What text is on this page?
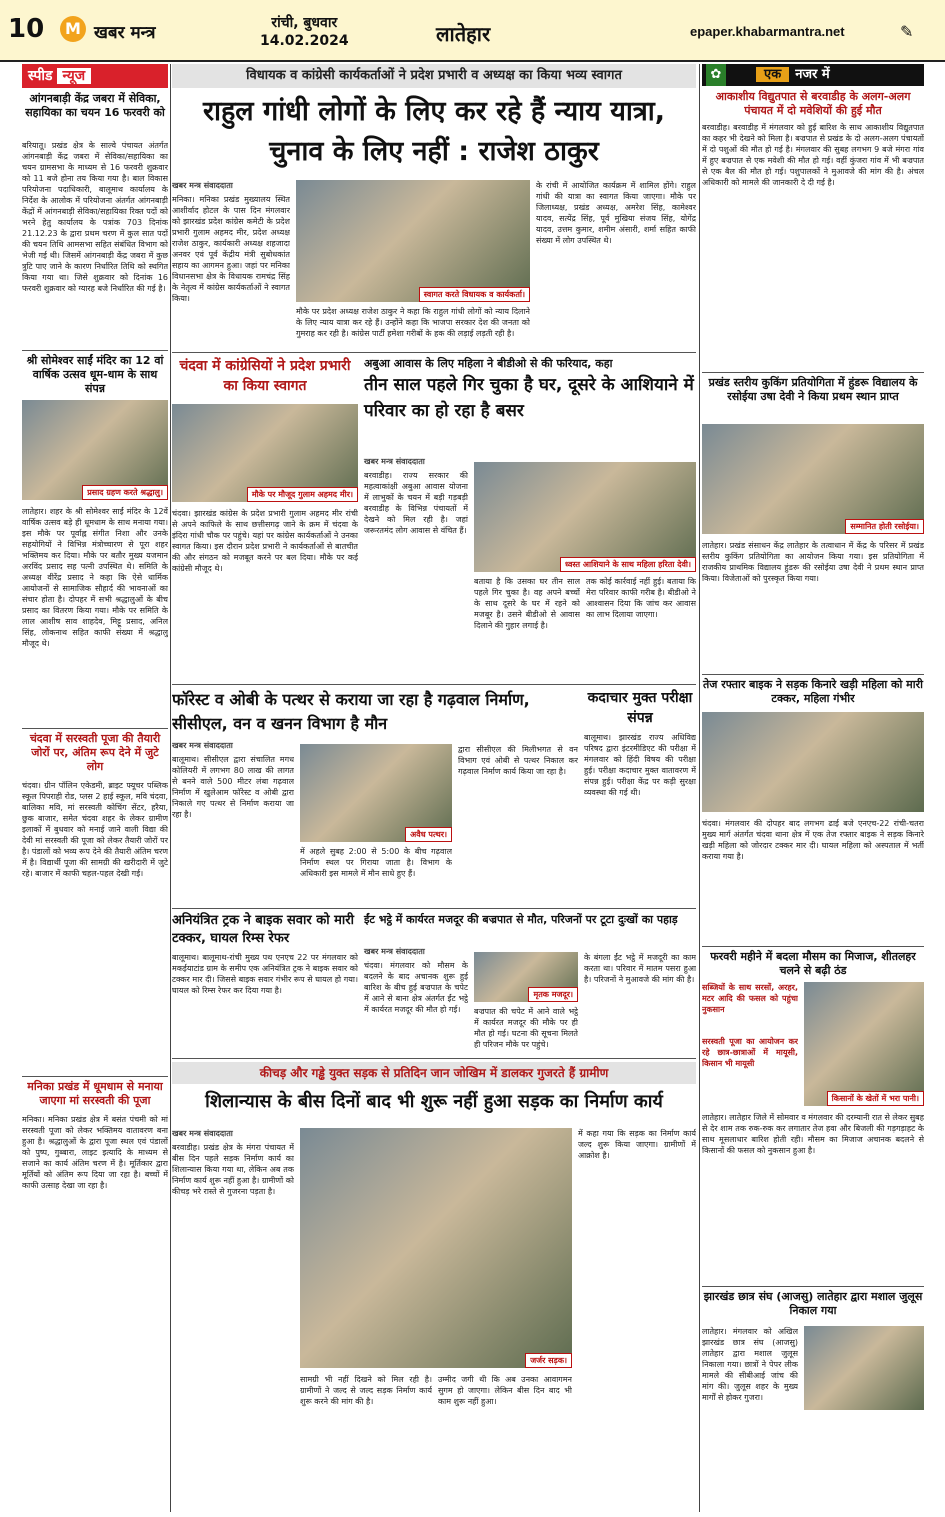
10	M खबर मन्त्र	रांची, बुधवार
14.02.2024	लातेहार	epaper.khabarmantra.net	✎
स्पीड न्यूज
आंगनबाड़ी केंद्र जबरा में सेविका, सहायिका का चयन 16 फरवरी को
बरियातू। प्रखंड क्षेत्र के साल्वे पंचायत अंतर्गत आंगनबाड़ी केंद्र जबरा में सेविका/सहायिका का चयन ग्रामसभा के माध्यम से 16 फरवरी शुक्रवार को 11 बजे होना तय किया गया है। बाल विकास परियोजना पदाधिकारी, बालूमाथ कार्यालय के निर्देश के आलोक में परियोजना अंतर्गत आंगनबाड़ी केंद्रों में आंगनबाड़ी सेविका/सहायिका रिक्त पदों को भरने हेतु कार्यालय के पत्रांक 703 दिनांक 21.12.23 के द्वारा प्रथम चरण में कुल सात पदों की चयन तिथि आमसभा सहित संबंधित विभाग को भेजी गई थी। जिसमें आंगनबाड़ी केंद्र जबरा में कुछ त्रुटि पाए जाने के कारण निर्धारित तिथि को स्थगित किया गया था। जिसे शुक्रवार को दिनांक 16 फरवरी शुक्रवार को ग्यारह बजे निर्धारित की गई है।
श्री सोमेश्वर साईं मंदिर का 12 वां वार्षिक उत्सव धूम-धाम के साथ संपन्न
प्रसाद ग्रहण करते श्रद्धालु।
लातेहार। शहर के श्री सोमेश्वर साईं मंदिर के 12वें वार्षिक उत्सव बड़े ही धूमधाम के साथ मनाया गया। इस मौके पर पूर्वाह्न संगीत निशा और उनके सहयोगियों ने विभिन्न मंत्रोच्चारण से पूरा शहर भक्तिमय कर दिया। मौके पर बतौर मुख्य यजमान अरविंद प्रसाद सह पत्नी उपस्थित थे। समिति के अध्यक्ष वीरेंद्र प्रसाद ने कहा कि ऐसे धार्मिक आयोजनों से सामाजिक सौहार्द की भावनाओं का संचार होता है। दोपहर में सभी श्रद्धालुओं के बीच प्रसाद का वितरण किया गया। मौके पर समिति के लाल आशीष साव शाहदेव, मिट्टू प्रसाद, अनिल सिंह, लोकनाथ सहित काफी संख्या में श्रद्धालु मौजूद थे।
चंदवा में सरस्वती पूजा की तैयारी जोरों पर, अंतिम रूप देने में जुटे लोग
चंदवा। ग्रीन पॉलिन एकेडमी, ब्राइट फ्यूचर पब्लिक स्कूल पिपराही रोड, प्लस 2 हाई स्कूल, मवि चंदवा, बालिका मवि, मां सरस्वती कोचिंग सेंटर, हरैया, छुक बाजार, समेत चंदवा शहर के लेकर ग्रामीण इलाकों में बुधवार को मनाई जाने वाली विद्या की देवी मां सरस्वती की पूजा को लेकर तैयारी जोरों पर है। पंडालों को भव्य रूप देने की तैयारी अंतिम चरण में है। विद्यार्थी पूजा की सामग्री की खरीदारी में जुटे रहे। बाजार में काफी चहल-पहल देखी गई।
मनिका प्रखंड में धूमधाम से मनाया जाएगा मां सरस्वती की पूजा
मनिका। मनिका प्रखंड क्षेत्र में बसंत पंचमी को मां सरस्वती पूजा को लेकर भक्तिमय वातावरण बना हुआ है। श्रद्धालुओं के द्वारा पूजा स्थल एवं पंडालों को पुष्प, गुब्बारा, लाइट इत्यादि के माध्यम से सजाने का कार्य अंतिम चरण में है। मूर्तिकार द्वारा मूर्तियों को अंतिम रूप दिया जा रहा है। बच्चों में काफी उत्साह देखा जा रहा है।
विधायक व कांग्रेसी कार्यकर्ताओं ने प्रदेश प्रभारी व अध्यक्ष का किया भव्य स्वागत
राहुल गांधी लोगों के लिए कर रहे हैं न्याय यात्रा, चुनाव के लिए नहीं : राजेश ठाकुर
खबर मन्त्र संवाददाता
मनिका। मनिका प्रखंड मुख्यालय स्थित आशीर्वाद होटल के पास दिन मंगलवार को झारखंड प्रदेश कांग्रेस कमेटी के प्रदेश प्रभारी गुलाम अहमद मीर, प्रदेश अध्यक्ष राजेश ठाकुर, कार्यकारी अध्यक्ष शहजादा अनवर एवं पूर्व केंद्रीय मंत्री सुबोधकांत सहाय का आगमन हुआ। जहां पर मनिका विधानसभा क्षेत्र के विधायक रामचंद्र सिंह के नेतृत्व में कांग्रेस कार्यकर्ताओं ने स्वागत किया।	स्वागत करते विधायक व कार्यकर्ता।
मौके पर प्रदेश अध्यक्ष राजेश ठाकुर ने कहा कि राहुल गांधी लोगों को न्याय दिलाने के लिए न्याय यात्रा कर रहे हैं। उन्होंने कहा कि भाजपा सरकार देश की जनता को गुमराह कर रही है। कांग्रेस पार्टी हमेशा गरीबों के हक की लड़ाई लड़ती रही है।
के रांची में आयोजित कार्यक्रम में शामिल होंगे। राहुल गांधी की यात्रा का स्वागत किया जाएगा। मौके पर जिलाध्यक्ष, प्रखंड अध्यक्ष, अमरेश सिंह, कामेश्वर यादव, सत्येंद्र सिंह, पूर्व मुखिया संजय सिंह, योगेंद्र यादव, उत्तम कुमार, शमीम अंसारी, शर्मा सहित काफी संख्या में लोग उपस्थित थे।
चंदवा में कांग्रेसियों ने प्रदेश प्रभारी का किया स्वागत
मौके पर मौजूद गुलाम अहमद मीर।
चंदवा। झारखंड कांग्रेस के प्रदेश प्रभारी गुलाम अहमद मीर रांची से अपने काफिले के साथ छत्तीसगढ़ जाने के क्रम में चंदवा के इंदिरा गांधी चौक पर पहुंचे। यहां पर कांग्रेस कार्यकर्ताओं ने उनका स्वागत किया। इस दौरान प्रदेश प्रभारी ने कार्यकर्ताओं से बातचीत की और संगठन को मजबूत करने पर बल दिया। मौके पर कई कांग्रेसी मौजूद थे।
अबुआ आवास के लिए महिला ने बीडीओ से की फरियाद, कहा
तीन साल पहले गिर चुका है घर, दूसरे के आशियाने में परिवार का हो रहा है बसर
खबर मन्त्र संवाददाता
बरवाडीह। राज्य सरकार की महत्वाकांक्षी अबुआ आवास योजना में लाभुकों के चयन में बड़ी गड़बड़ी बरवाडीह के विभिन्न पंचायतों में देखने को मिल रही है। जहां जरूरतमंद लोग आवास से वंचित हैं।
ध्वस्त आशियाने के साथ महिला हरिता देवी।
बताया है कि उसका घर तीन साल पहले गिर चुका है। वह अपने बच्चों के साथ दूसरे के घर में रहने को मजबूर है। उसने बीडीओ से आवास दिलाने की गुहार लगाई है।
तक कोई कार्रवाई नहीं हुई। बताया कि मेरा परिवार काफी गरीब है। बीडीओ ने आश्वासन दिया कि जांच कर आवास का लाभ दिलाया जाएगा।
फॉरेस्ट व ओबी के पत्थर से कराया जा रहा है गढ़वाल निर्माण, सीसीएल, वन व खनन विभाग है मौन
खबर मन्त्र संवाददाता
बालूमाथ। सीसीएल द्वारा संचालित मगध कोलियरी में लगभग 80 लाख की लागत से बनने वाले 500 मीटर लंबा गढ़वाल निर्माण में खुलेआम फॉरेस्ट व ओबी द्वारा निकाले गए पत्थर से निर्माण कराया जा रहा है।
अवैध पत्थर।
में अहले सुबह 2:00 से 5:00 के बीच गढ़वाल निर्माण स्थल पर गिराया जाता है। विभाग के अधिकारी इस मामले में मौन साधे हुए हैं।
द्वारा सीसीएल की मिलीभगत से वन विभाग एवं ओबी से पत्थर निकाल कर गढ़वाल निर्माण कार्य किया जा रहा है।
कदाचार मुक्त परीक्षा संपन्न
बालूमाथ। झारखंड राज्य अधिविद्य परिषद द्वारा इंटरमीडिएट की परीक्षा में मंगलवार को हिंदी विषय की परीक्षा हुई। परीक्षा कदाचार मुक्त वातावरण में संपन्न हुई। परीक्षा केंद्र पर कड़ी सुरक्षा व्यवस्था की गई थी।
अनियंत्रित ट्रक ने बाइक सवार को मारी टक्कर, घायल रिम्स रेफर
बालूमाथ। बालूमाथ-रांची मुख्य पथ एनएच 22 पर मंगलवार को मकईयाटांड ग्राम के समीप एक अनियंत्रित ट्रक ने बाइक सवार को टक्कर मार दी। जिससे बाइक सवार गंभीर रूप से घायल हो गया। घायल को रिम्स रेफर कर दिया गया है।
ईंट भट्ठे में कार्यरत मजदूर की बज्रपात से मौत, परिजनों पर टूटा दुःखों का पहाड़
खबर मन्त्र संवाददाता
चंदवा। मंगलवार को मौसम के बदलने के बाद अचानक शुरू हुई बारिश के बीच हुई बज्रपात के चपेट में आने से बाना क्षेत्र अंतर्गत ईंट भट्ठे में कार्यरत मजदूर की मौत हो गई।
मृतक मजदूर।
बज्रपात की चपेट में आने वाले भट्ठे में कार्यरत मजदूर की मौके पर ही मौत हो गई। घटना की सूचना मिलते ही परिजन मौके पर पहुंचे।
के बंगला ईंट भट्ठे में मजदूरी का काम करता था। परिवार में मातम पसरा हुआ है। परिजनों ने मुआवजे की मांग की है।
कीचड़ और गड्ढे युक्त सड़क से प्रतिदिन जान जोखिम में डालकर गुजरते हैं ग्रामीण
शिलान्यास के बीस दिनों बाद भी शुरू नहीं हुआ सड़क का निर्माण कार्य
खबर मन्त्र संवाददाता
बरवाडीह। प्रखंड क्षेत्र के मंगरा पंचायत में बीस दिन पहले सड़क निर्माण कार्य का शिलान्यास किया गया था, लेकिन अब तक निर्माण कार्य शुरू नहीं हुआ है। ग्रामीणों को कीचड़ भरे रास्ते से गुजरना पड़ता है।
जर्जर सड़क।
सामग्री भी नहीं दिखने को मिल रही है। ग्रामीणों ने जल्द से जल्द सड़क निर्माण कार्य शुरू करने की मांग की है।
उम्मीद जगी थी कि अब उनका आवागमन सुगम हो जाएगा। लेकिन बीस दिन बाद भी काम शुरू नहीं हुआ।
में कहा गया कि सड़क का निर्माण कार्य जल्द शुरू किया जाएगा। ग्रामीणों में आक्रोश है।
✿	एक नजर में
आकाशीय विद्युतपात से बरवाडीह के अलग-अलग पंचायत में दो मवेशियों की हुई मौत
बरवाडीह। बरवाडीह में मंगलवार को हुई बारिश के साथ आकाशीय विद्युतपात का कहर भी देखने को मिला है। बज्रपात से प्रखंड के दो अलग-अलग पंचायतों में दो पशुओं की मौत हो गई है। मंगलवार की सुबह लगभग 9 बजे मंगरा गांव में हुए बज्रपात से एक मवेशी की मौत हो गई। वहीं कुंजरा गांव में भी बज्रपात से एक बैल की मौत हो गई। पशुपालकों ने मुआवजे की मांग की है। अंचल अधिकारी को मामले की जानकारी दे दी गई है।
प्रखंड स्तरीय कुकिंग प्रतियोगिता में हुंडरू विद्यालय के रसोईया उषा देवी ने किया प्रथम स्थान प्राप्त
सम्मानित होती रसोईया।
लातेहार। प्रखंड संसाधन केंद्र लातेहार के तत्वाधान में केंद्र के परिसर में प्रखंड स्तरीय कुकिंग प्रतियोगिता का आयोजन किया गया। इस प्रतियोगिता में राजकीय प्राथमिक विद्यालय हुंडरू की रसोईया उषा देवी ने प्रथम स्थान प्राप्त किया। विजेताओं को पुरस्कृत किया गया।
तेज रफ्तार बाइक ने सड़क किनारे खड़ी महिला को मारी टक्कर, महिला गंभीर
चंदवा। मंगलवार की दोपहर बाद लगभग ढाई बजे एनएच-22 रांची-चतरा मुख्य मार्ग अंतर्गत चंदवा थाना क्षेत्र में एक तेज रफ्तार बाइक ने सड़क किनारे खड़ी महिला को जोरदार टक्कर मार दी। घायल महिला को अस्पताल में भर्ती कराया गया है।
फरवरी महीने में बदला मौसम का मिजाज, शीतलहर चलने से बढ़ी ठंड
सब्जियों के साथ सरसों, अरहर, मटर आदि की फसल को पहुंचा नुकसान
सरस्वती पूजा का आयोजन कर रहे छात्र-छात्राओं में मायूसी, किसान भी मायूसी
किसानों के खेतों में भरा पानी।
लातेहार। लातेहार जिले में सोमवार व मंगलवार की दरम्यानी रात से लेकर सुबह से देर शाम तक रुक-रुक कर लगातार तेज हवा और बिजली की गड़गड़ाहट के साथ मूसलाधार बारिश होती रही। मौसम का मिजाज अचानक बदलने से किसानों की फसल को नुकसान हुआ है।
झारखंड छात्र संघ (आजसु) लातेहार द्वारा मशाल जुलूस निकाल गया
लातेहार। मंगलवार को अखिल झारखंड छात्र संघ (आजसु) लातेहार द्वारा मशाल जुलूस निकाला गया। छात्रों ने पेपर लीक मामले की सीबीआई जांच की मांग की। जुलूस शहर के मुख्य मार्गों से होकर गुजरा।
